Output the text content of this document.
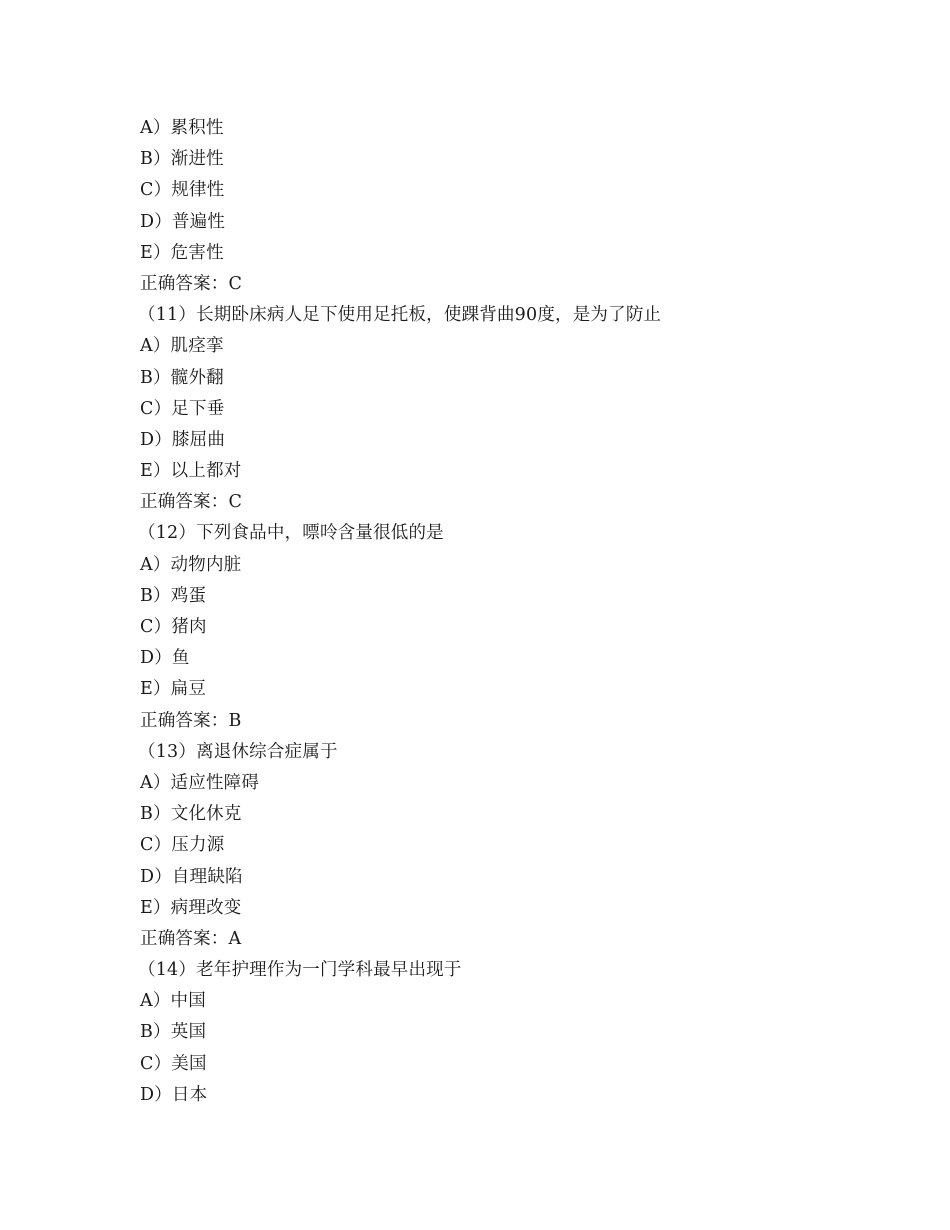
A）累积性
B）渐进性
C）规律性
D）普遍性
E）危害性
正确答案：C
（11）长期卧床病人足下使用足托板，使踝背曲90度，是为了防止
A）肌痉挛
B）髋外翻
C）足下垂
D）膝屈曲
E）以上都对
正确答案：C
（12）下列食品中，嘌呤含量很低的是
A）动物内脏
B）鸡蛋
C）猪肉
D）鱼
E）扁豆
正确答案：B
（13）离退休综合症属于
A）适应性障碍
B）文化休克
C）压力源
D）自理缺陷
E）病理改变
正确答案：A
（14）老年护理作为一门学科最早出现于
A）中国
B）英国
C）美国
D）日本
